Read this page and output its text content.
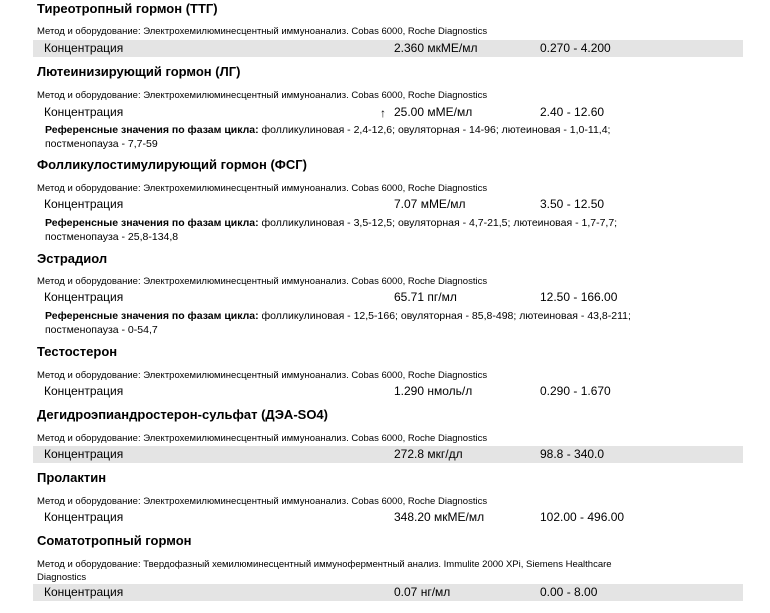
Тиреотропный гормон (ТТГ)
Метод и оборудование: Электрохемилюминесцентный иммуноанализ. Cobas 6000, Roche Diagnostics
Концентрация	2.360 мкМЕ/мл	0.270 - 4.200
Лютеинизирующий гормон (ЛГ)
Метод и оборудование: Электрохемилюминесцентный иммуноанализ. Cobas 6000, Roche Diagnostics
Концентрация	↑ 25.00 мМЕ/мл	2.40 - 12.60
Референсные значения по фазам цикла: фолликулиновая - 2,4-12,6; овуляторная - 14-96; лютеиновая - 1,0-11,4; постменопауза - 7,7-59
Фолликулостимулирующий гормон (ФСГ)
Метод и оборудование: Электрохемилюминесцентный иммуноанализ. Cobas 6000, Roche Diagnostics
Концентрация	7.07 мМЕ/мл	3.50 - 12.50
Референсные значения по фазам цикла: фолликулиновая - 3,5-12,5; овуляторная - 4,7-21,5; лютеиновая - 1,7-7,7; постменопауза - 25,8-134,8
Эстрадиол
Метод и оборудование: Электрохемилюминесцентный иммуноанализ. Cobas 6000, Roche Diagnostics
Концентрация	65.71 пг/мл	12.50 - 166.00
Референсные значения по фазам цикла: фолликулиновая - 12,5-166; овуляторная - 85,8-498; лютеиновая - 43,8-211; постменопауза - 0-54,7
Тестостерон
Метод и оборудование: Электрохемилюминесцентный иммуноанализ. Cobas 6000, Roche Diagnostics
Концентрация	1.290 нмоль/л	0.290 - 1.670
Дегидроэпиандростерон-сульфат (ДЭА-SO4)
Метод и оборудование: Электрохемилюминесцентный иммуноанализ. Cobas 6000, Roche Diagnostics
Концентрация	272.8 мкг/дл	98.8 - 340.0
Пролактин
Метод и оборудование: Электрохемилюминесцентный иммуноанализ. Cobas 6000, Roche Diagnostics
Концентрация	348.20 мкМЕ/мл	102.00 - 496.00
Соматотропный гормон
Метод и оборудование: Твердофазный хемилюминесцентный иммуноферментный анализ. Immulite 2000 XPi, Siemens Healthcare
Diagnostics
Концентрация	0.07 нг/мл	0.00 - 8.00
